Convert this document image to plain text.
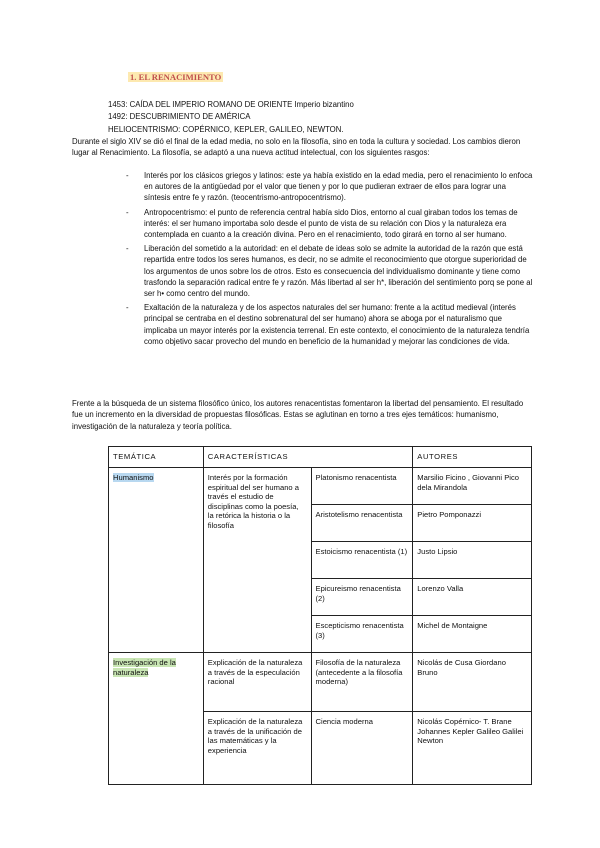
1. EL RENACIMIENTO
1453: CAÍDA DEL IMPERIO ROMANO DE ORIENTE Imperio bizantino
1492: DESCUBRIMIENTO DE AMÉRICA
HELIOCENTRISMO: COPÉRNICO, KEPLER, GALILEO, NEWTON.

Durante el siglo XIV se dió el final de la edad media, no solo en la filosofía, sino en toda la cultura y sociedad. Los cambios dieron lugar al Renacimiento. La filosofía, se adaptó a una nueva actitud intelectual, con los siguientes rasgos:

- Interés por los clásicos griegos y latinos: este ya había existido en la edad media, pero el renacimiento lo enfoca en autores de la antigüedad por el valor que tienen y por lo que pudieran extraer de ellos para lograr una síntesis entre fe y razón. (teocentrismo-antropocentrismo).
- Antropocentrismo: el punto de referencia central había sido Dios, entorno al cual giraban todos los temas de interés: el ser humano importaba solo desde el punto de vista de su relación con Dios y la naturaleza era contemplada en cuanto a la creación divina. Pero en el renacimiento, todo girará en torno al ser humano.
- Liberación del sometido a la autoridad: en el debate de ideas solo se admite la autoridad de la razón que está repartida entre todos los seres humanos, es decir, no se admite el reconocimiento que otorgue superioridad de los argumentos de unos sobre los de otros. Esto es consecuencia del individualismo dominante y tiene como trasfondo la separación radical entre fe y razón. Más libertad al ser h*, liberación del sentimiento porq se pone al ser h• como centro del mundo.
- Exaltación de la naturaleza y de los aspectos naturales del ser humano: frente a la actitud medieval (interés principal se centraba en el destino sobrenatural del ser humano) ahora se aboga por el naturalismo que implicaba un mayor interés por la existencia terrenal. En este contexto, el conocimiento de la naturaleza tendría como objetivo sacar provecho del mundo en beneficio de la humanidad y mejorar las condiciones de vida.

Frente a la búsqueda de un sistema filosófico único, los autores renacentistas fomentaron la libertad del pensamiento. El resultado fue un incremento en la diversidad de propuestas filosóficas. Estas se aglutinan en torno a tres ejes temáticos: humanismo, investigación de la naturaleza y teoría política.

TEMÁTICA	CARACTERÍSTICAS		AUTORES
Humanismo	Interés por la formación espiritual del ser humano a través el estudio de disciplinas como la poesía, la retórica la historia o la filosofía	Platonismo renacentista	Marsilio Ficino , Giovanni Pico dela Mirandola
		Aristotelismo renacentista	Pietro Pomponazzi
		Estoicismo renacentista (1)	Justo Lipsio
		Epicureismo renacentista (2)	Lorenzo Valla
		Escepticismo renacentista (3)	Michel de Montaigne
Investigación de la naturaleza	Explicación de la naturaleza a través de la especulación racional	Filosofía de la naturaleza (antecedente a la filosofía moderna)	Nicolás de Cusa Giordano Bruno
	Explicación de la naturaleza a través de la unificación de las matemáticas y la experiencia	Ciencia moderna	Nicolás Copérnico- T. Brane Johannes Kepler Galileo Galilei Newton
